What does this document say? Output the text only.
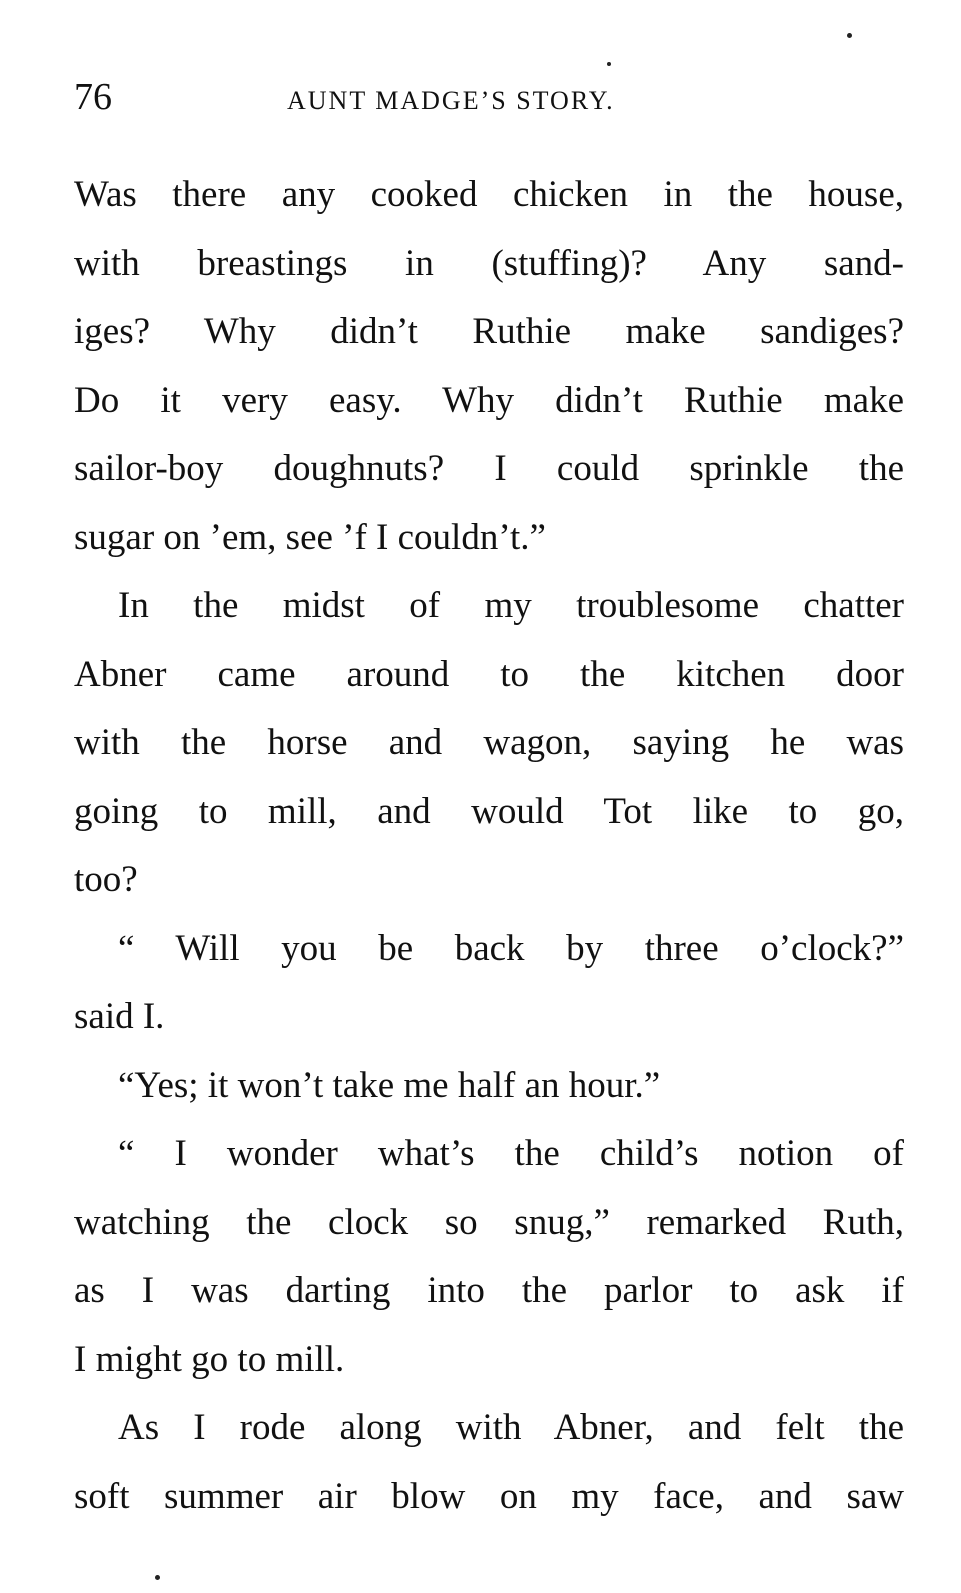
76	AUNT MADGE’S STORY.
Was there any cooked chicken in the house,
with breastings in (stuffing)? Any sand-
iges? Why didn’t Ruthie make sandiges?
Do it very easy. Why didn’t Ruthie make
sailor-boy doughnuts? I could sprinkle the
sugar on ’em, see ’f I couldn’t.”
In the midst of my troublesome chatter
Abner came around to the kitchen door
with the horse and wagon, saying he was
going to mill, and would Tot like to go,
too?
“ Will you be back by three o’clock?”
said I.
“Yes; it won’t take me half an hour.”
“ I wonder what’s the child’s notion of
watching the clock so snug,” remarked Ruth,
as I was darting into the parlor to ask if
I might go to mill.
As I rode along with Abner, and felt the
soft summer air blow on my face, and saw
